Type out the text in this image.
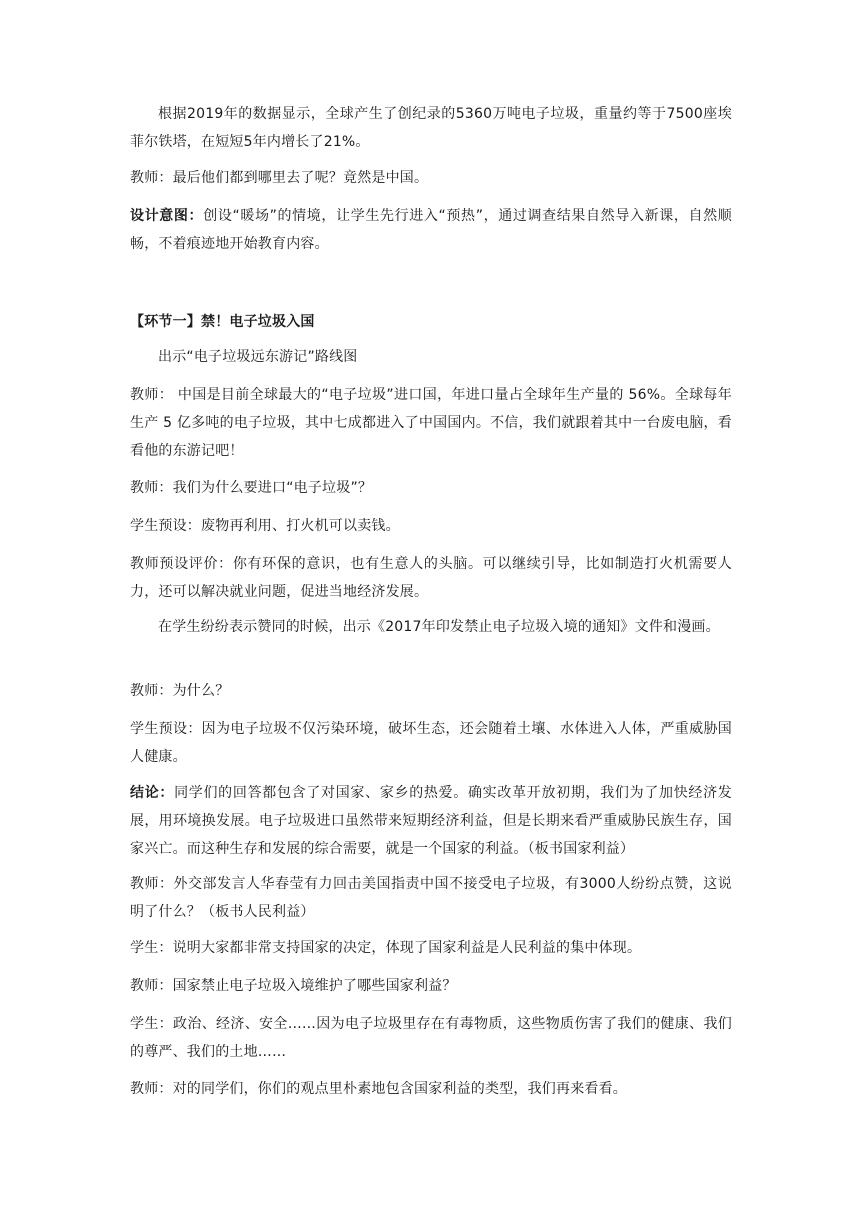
根据2019年的数据显示，全球产生了创纪录的5360万吨电子垃圾，重量约等于7500座埃菲尔铁塔，在短短5年内增长了21%。

教师：最后他们都到哪里去了呢？竟然是中国。

设计意图：创设“暖场”的情境，让学生先行进入“预热”，通过调查结果自然导入新课，自然顺畅，不着痕迹地开始教育内容。

【环节一】禁！电子垃圾入国

出示“电子垃圾远东游记”路线图

教师： 中国是目前全球最大的“电子垃圾”进口国，年进口量占全球年生产量的 56%。全球每年生产 5 亿多吨的电子垃圾，其中七成都进入了中国国内。不信，我们就跟着其中一台废电脑，看看他的东游记吧！

教师：我们为什么要进口“电子垃圾”？

学生预设：废物再利用、打火机可以卖钱。

教师预设评价：你有环保的意识，也有生意人的头脑。可以继续引导，比如制造打火机需要人力，还可以解决就业问题，促进当地经济发展。

在学生纷纷表示赞同的时候，出示《2017年印发禁止电子垃圾入境的通知》文件和漫画。

教师：为什么？

学生预设：因为电子垃圾不仅污染环境，破坏生态，还会随着土壤、水体进入人体，严重威胁国人健康。

结论：同学们的回答都包含了对国家、家乡的热爱。确实改革开放初期，我们为了加快经济发展，用环境换发展。电子垃圾进口虽然带来短期经济利益，但是长期来看严重威胁民族生存，国家兴亡。而这种生存和发展的综合需要，就是一个国家的利益。（板书国家利益）

教师：外交部发言人华春莹有力回击美国指责中国不接受电子垃圾，有3000人纷纷点赞，这说明了什么？（板书人民利益）

学生：说明大家都非常支持国家的决定，体现了国家利益是人民利益的集中体现。

教师：国家禁止电子垃圾入境维护了哪些国家利益？

学生：政治、经济、安全……因为电子垃圾里存在有毒物质，这些物质伤害了我们的健康、我们的尊严、我们的土地……

教师：对的同学们，你们的观点里朴素地包含国家利益的类型，我们再来看看。
